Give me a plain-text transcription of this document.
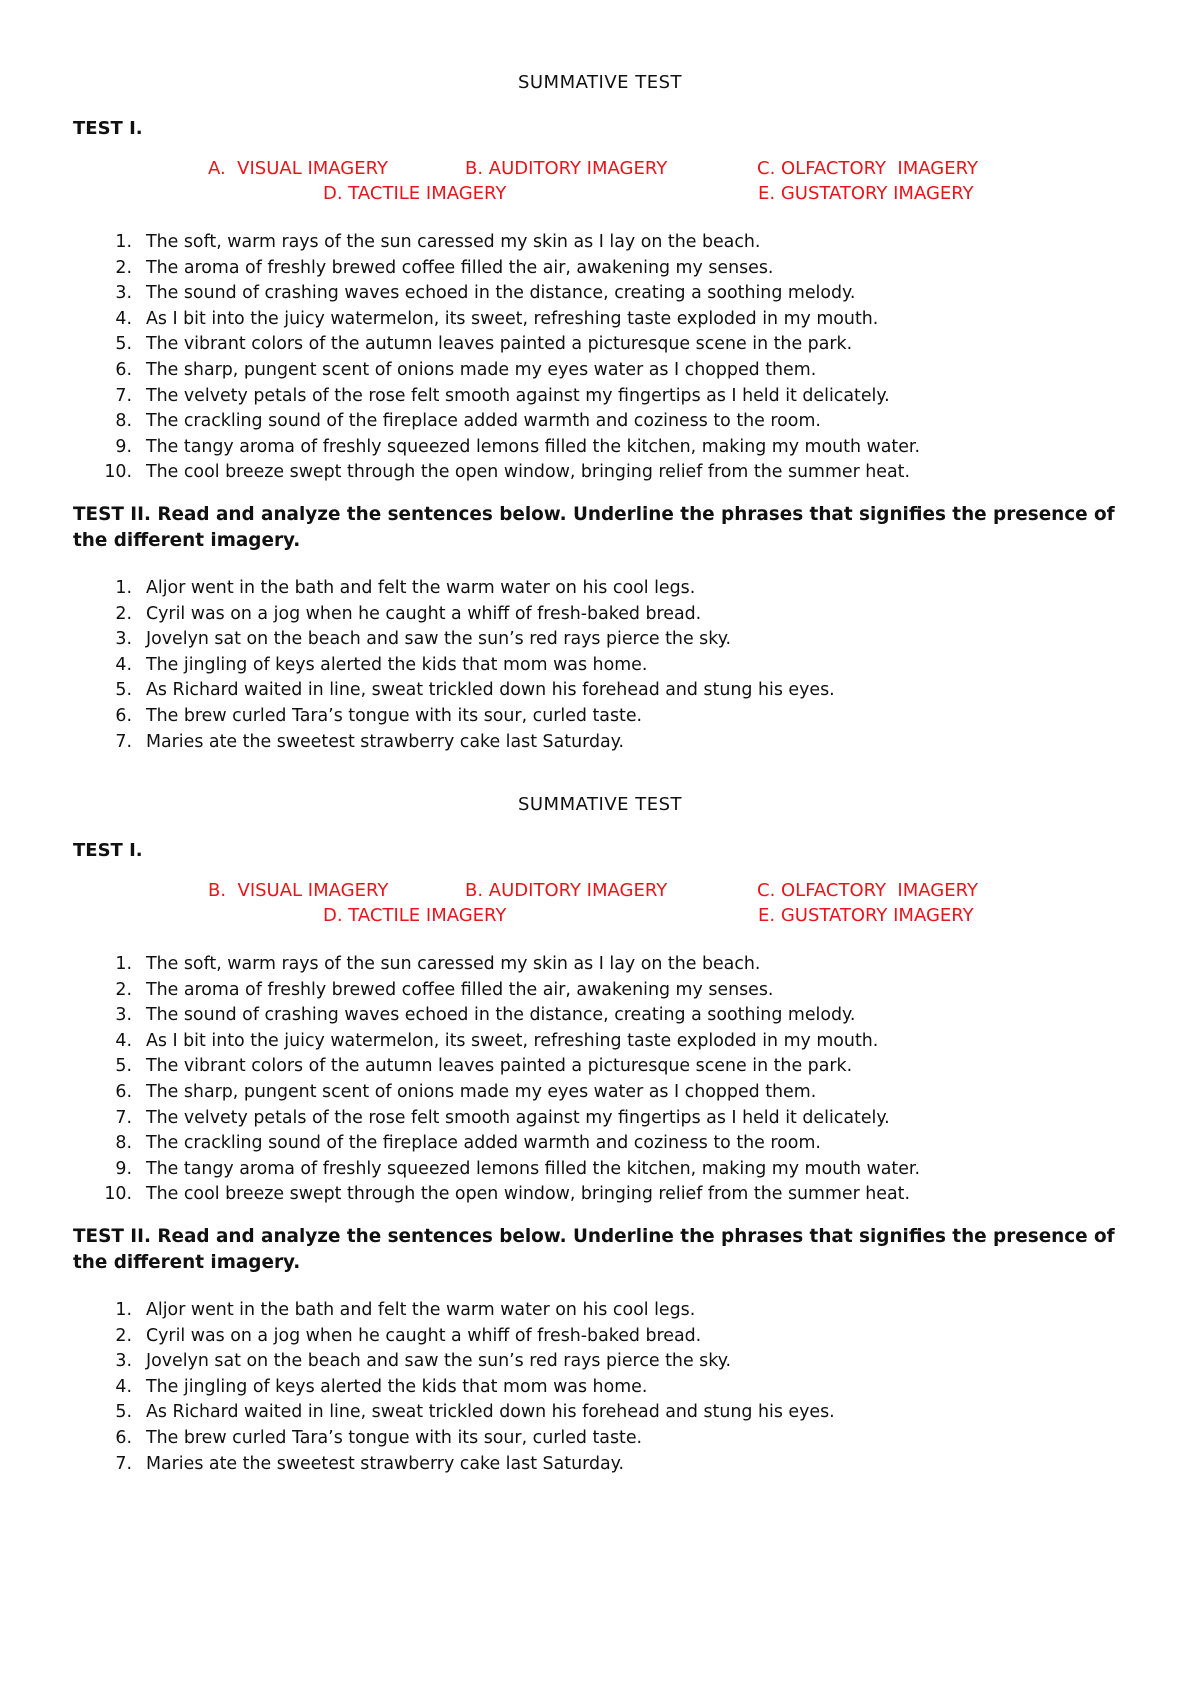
SUMMATIVE TEST

TEST I.

A.  VISUAL IMAGERY	B. AUDITORY IMAGERY	C. OLFACTORY  IMAGERY
D. TACTILE IMAGERY	E. GUSTATORY IMAGERY
1. The soft, warm rays of the sun caressed my skin as I lay on the beach.
2. The aroma of freshly brewed coffee filled the air, awakening my senses.
3. The sound of crashing waves echoed in the distance, creating a soothing melody.
4. As I bit into the juicy watermelon, its sweet, refreshing taste exploded in my mouth.
5. The vibrant colors of the autumn leaves painted a picturesque scene in the park.
6. The sharp, pungent scent of onions made my eyes water as I chopped them.
7. The velvety petals of the rose felt smooth against my fingertips as I held it delicately.
8. The crackling sound of the fireplace added warmth and coziness to the room.
9. The tangy aroma of freshly squeezed lemons filled the kitchen, making my mouth water.
10. The cool breeze swept through the open window, bringing relief from the summer heat.

TEST II. Read and analyze the sentences below. Underline the phrases that signifies the presence of the different imagery.

1. Aljor went in the bath and felt the warm water on his cool legs.
2. Cyril was on a jog when he caught a whiff of fresh-baked bread.
3. Jovelyn sat on the beach and saw the sun’s red rays pierce the sky.
4. The jingling of keys alerted the kids that mom was home.
5. As Richard waited in line, sweat trickled down his forehead and stung his eyes.
6. The brew curled Tara’s tongue with its sour, curled taste.
7. Maries ate the sweetest strawberry cake last Saturday.

SUMMATIVE TEST

TEST I.

B.  VISUAL IMAGERY	B. AUDITORY IMAGERY	C. OLFACTORY  IMAGERY
D. TACTILE IMAGERY	E. GUSTATORY IMAGERY
1. The soft, warm rays of the sun caressed my skin as I lay on the beach.
2. The aroma of freshly brewed coffee filled the air, awakening my senses.
3. The sound of crashing waves echoed in the distance, creating a soothing melody.
4. As I bit into the juicy watermelon, its sweet, refreshing taste exploded in my mouth.
5. The vibrant colors of the autumn leaves painted a picturesque scene in the park.
6. The sharp, pungent scent of onions made my eyes water as I chopped them.
7. The velvety petals of the rose felt smooth against my fingertips as I held it delicately.
8. The crackling sound of the fireplace added warmth and coziness to the room.
9. The tangy aroma of freshly squeezed lemons filled the kitchen, making my mouth water.
10. The cool breeze swept through the open window, bringing relief from the summer heat.

TEST II. Read and analyze the sentences below. Underline the phrases that signifies the presence of the different imagery.

1. Aljor went in the bath and felt the warm water on his cool legs.
2. Cyril was on a jog when he caught a whiff of fresh-baked bread.
3. Jovelyn sat on the beach and saw the sun’s red rays pierce the sky.
4. The jingling of keys alerted the kids that mom was home.
5. As Richard waited in line, sweat trickled down his forehead and stung his eyes.
6. The brew curled Tara’s tongue with its sour, curled taste.
7. Maries ate the sweetest strawberry cake last Saturday.
